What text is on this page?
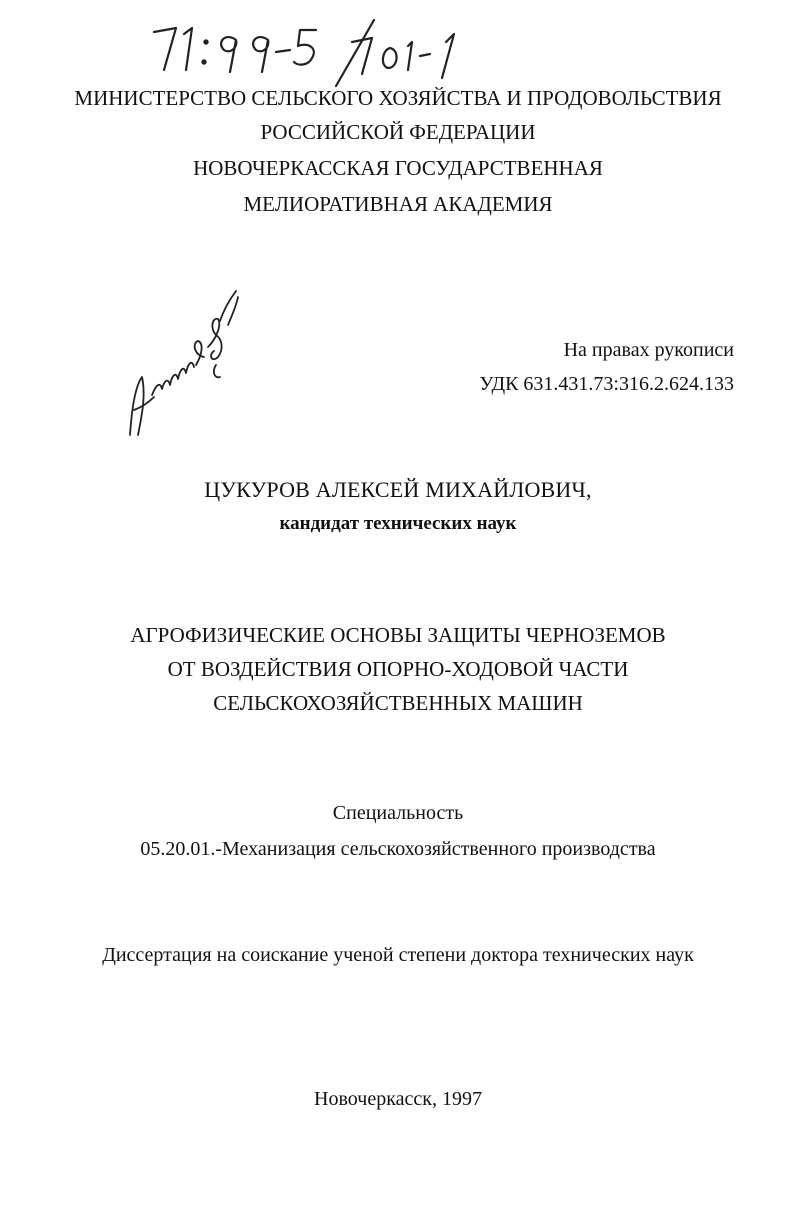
МИНИСТЕРСТВО СЕЛЬСКОГО ХОЗЯЙСТВА И ПРОДОВОЛЬСТВИЯ
РОССИЙСКОЙ ФЕДЕРАЦИИ
НОВОЧЕРКАССКАЯ ГОСУДАРСТВЕННАЯ
МЕЛИОРАТИВНАЯ АКАДЕМИЯ
На правах рукописи
УДК 631.431.73:316.2.624.133
ЦУКУРОВ АЛЕКСЕЙ МИХАЙЛОВИЧ,
кандидат технических наук
АГРОФИЗИЧЕСКИЕ ОСНОВЫ ЗАЩИТЫ ЧЕРНОЗЕМОВ
ОТ ВОЗДЕЙСТВИЯ ОПОРНО-ХОДОВОЙ ЧАСТИ
СЕЛЬСКОХОЗЯЙСТВЕННЫХ МАШИН
Специальность
05.20.01.-Механизация сельскохозяйственного производства
Диссертация на соискание ученой степени доктора технических наук
Новочеркасск, 1997
